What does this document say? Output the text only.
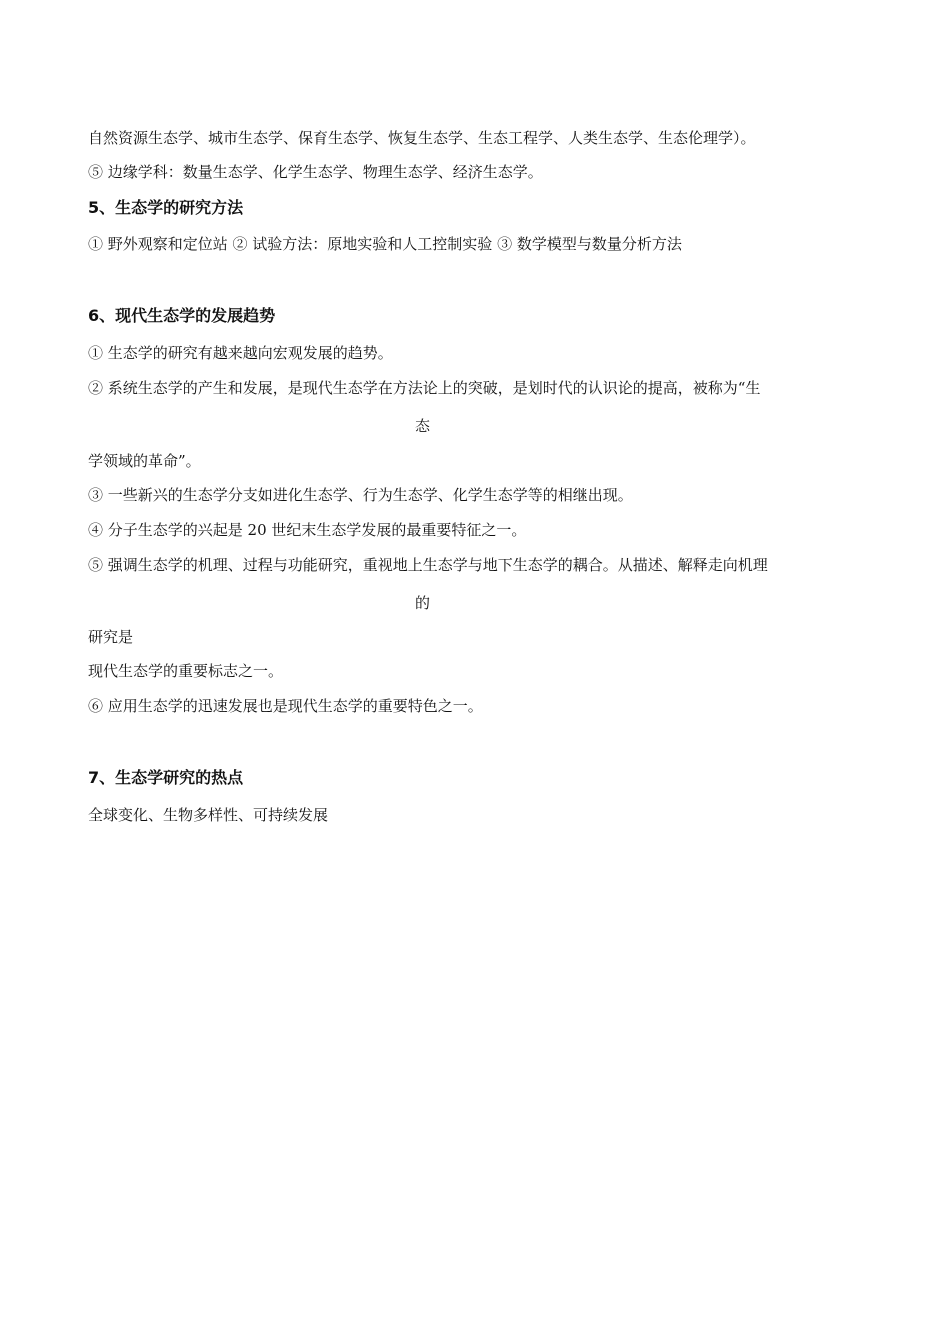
自然资源生态学、城市生态学、保育生态学、恢复生态学、生态工程学、人类生态学、生态伦理学）。
⑤ 边缘学科：数量生态学、化学生态学、物理生态学、经济生态学。
5、生态学的研究方法
① 野外观察和定位站 ② 试验方法：原地实验和人工控制实验 ③ 数学模型与数量分析方法
6、现代生态学的发展趋势
① 生态学的研究有越来越向宏观发展的趋势。
② 系统生态学的产生和发展，是现代生态学在方法论上的突破，是划时代的认识论的提高，被称为“生
态
学领域的革命”。
③ 一些新兴的生态学分支如进化生态学、行为生态学、化学生态学等的相继出现。
④ 分子生态学的兴起是 20 世纪末生态学发展的最重要特征之一。
⑤ 强调生态学的机理、过程与功能研究，重视地上生态学与地下生态学的耦合。从描述、解释走向机理
的
研究是
现代生态学的重要标志之一。
⑥ 应用生态学的迅速发展也是现代生态学的重要特色之一。
7、生态学研究的热点
全球变化、生物多样性、可持续发展
